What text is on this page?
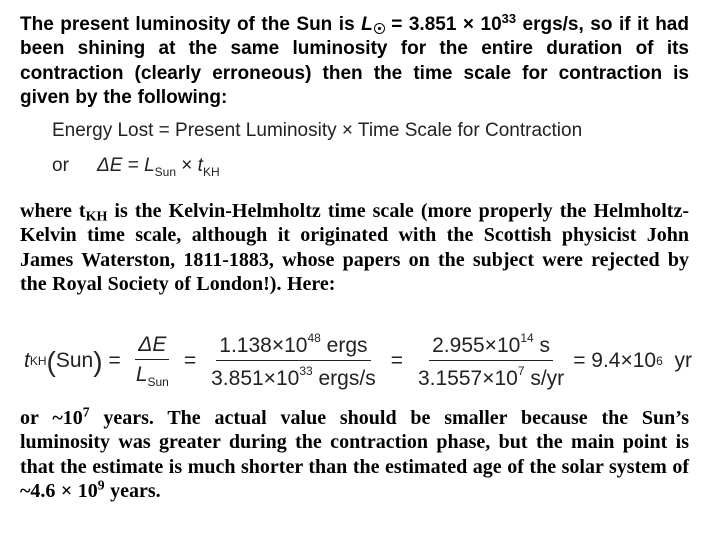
The present luminosity of the Sun is $L = 3.851 \times 10^{33}$ ergs/s, so if it had been shining at the same luminosity for the entire duration of its contraction (clearly erroneous) then the time scale for contraction is given by the following:
Energy Lost = Present Luminosity × Time Scale for Contraction
or $\Delta E = L_{Sun} \times t_{KH}$
where $t_{KH}$ is the Kelvin-Helmholtz time scale (more properly the Helmholtz-Kelvin time scale, although it originated with the Scottish physicist John James Waterston, 1811-1883, whose papers on the subject were rejected by the Royal Society of London!). Here:
t KH ( Sun ) = $\frac{\Delta E}{L_{Sun}} = \frac{1.138\times 10^{48} ergs}{3.851\times 10^{33} ergs/s} = \frac{2.955\times 10^{14} s}{3.1557\times 10^7 s/yr} = 9.4\times 10$ 6 yr
or $\sim 10^7$ years. The actual value should be smaller because the Sun’s luminosity was greater during the contraction phase, but the main point is that the estimate is much shorter than the estimated age of the solar system of ~4.6 × $10^9$ years.
